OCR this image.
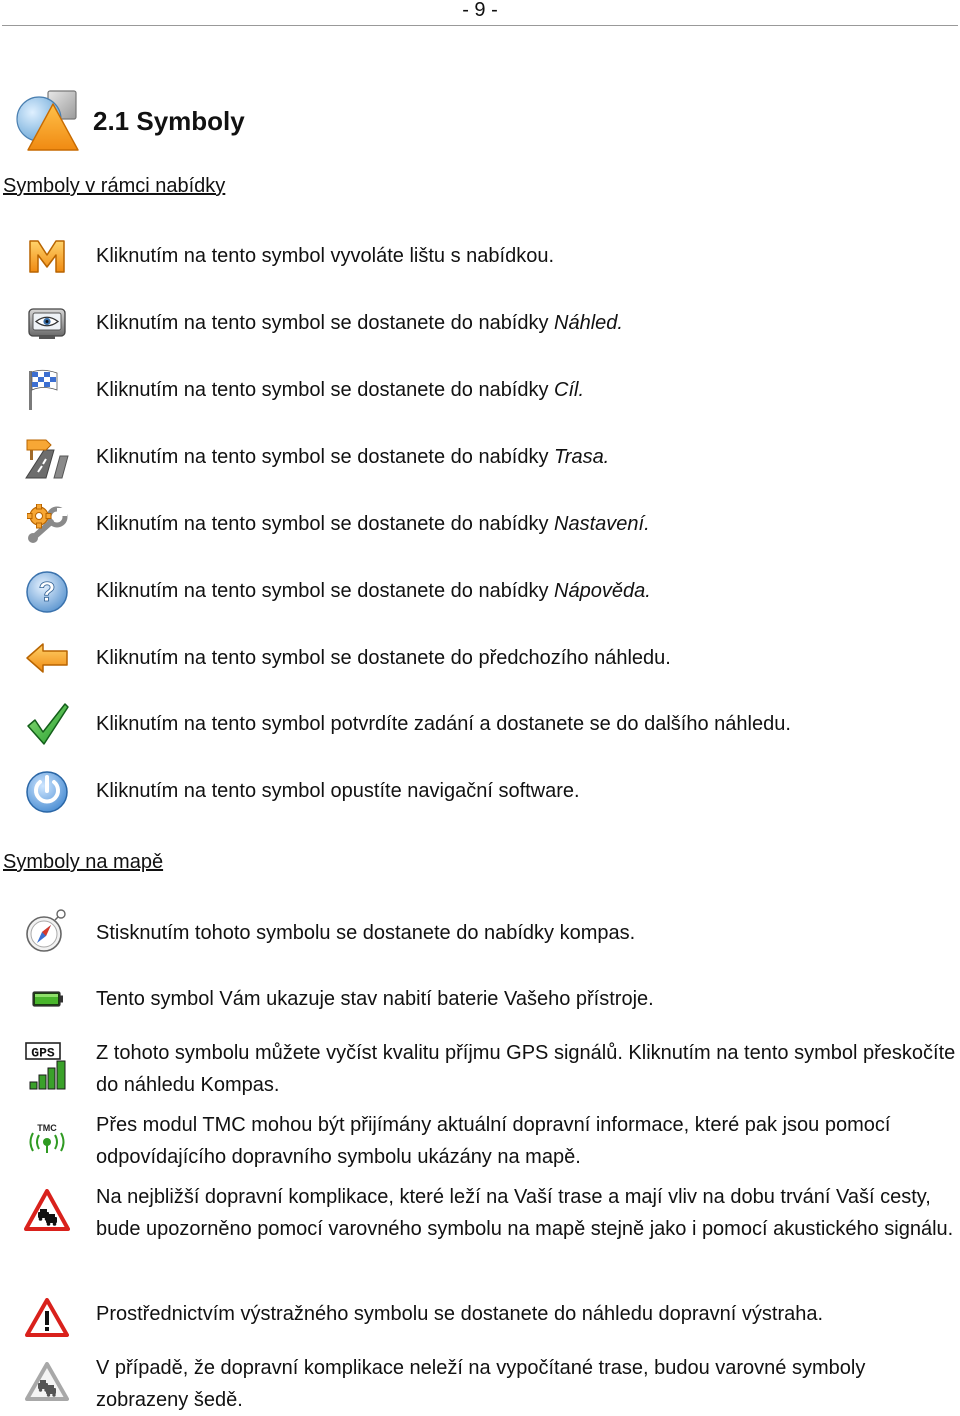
- 9 -
2.1 Symboly
Symboly v rámci nabídky
Kliknutím na tento symbol vyvoláte lištu s nabídkou.
Kliknutím na tento symbol se dostanete do nabídky Náhled.
Kliknutím na tento symbol se dostanete do nabídky Cíl.
Kliknutím na tento symbol se dostanete do nabídky Trasa.
Kliknutím na tento symbol se dostanete do nabídky Nastavení.
? Kliknutím na tento symbol se dostanete do nabídky Nápověda.
Kliknutím na tento symbol se dostanete do předchozího náhledu.
Kliknutím na tento symbol potvrdíte zadání a dostanete se do dalšího náhledu.
Kliknutím na tento symbol opustíte navigační software.
Symboly na mapě
Stisknutím tohoto symbolu se dostanete do nabídky kompas.
Tento symbol Vám ukazuje stav nabití baterie Vašeho přístroje.
GPS Z tohoto symbolu můžete vyčíst kvalitu příjmu GPS signálů. Kliknutím na tento symbol přeskočíte do náhledu Kompas.
TMC Přes modul TMC mohou být přijímány aktuální dopravní informace, které pak jsou pomocí odpovídajícího dopravního symbolu ukázány na mapě.
Na nejbližší dopravní komplikace, které leží na Vaší trase a mají vliv na dobu trvání Vaší cesty, bude upozorněno pomocí varovného symbolu na mapě stejně jako i pomocí akustického signálu.
Prostřednictvím výstražného symbolu se dostanete do náhledu dopravní výstraha.
V případě, že dopravní komplikace neleží na vypočítané trase, budou varovné symboly zobrazeny šedě.
